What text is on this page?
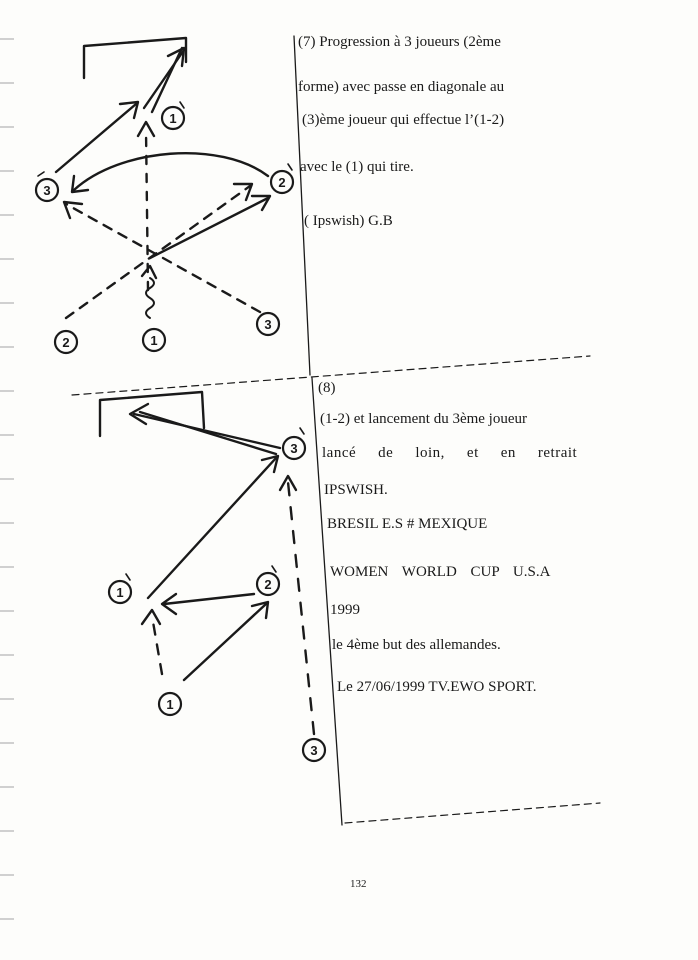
1
2
3
3
2
1
3
1
2
1
3
(7) Progression à 3 joueurs (2ème
forme) avec passe en diagonale au
(3)ème joueur qui effectue l’(1-2)
avec le (1) qui tire.
( Ipswish) G.B
(8)
(1-2) et lancement du 3ème joueur
lancé de loin, et en retrait
IPSWISH.
BRESIL E.S # MEXIQUE
WOMEN WORLD CUP U.S.A
1999
le 4ème but des allemandes.
Le 27/06/1999 TV.EWO SPORT.
132
